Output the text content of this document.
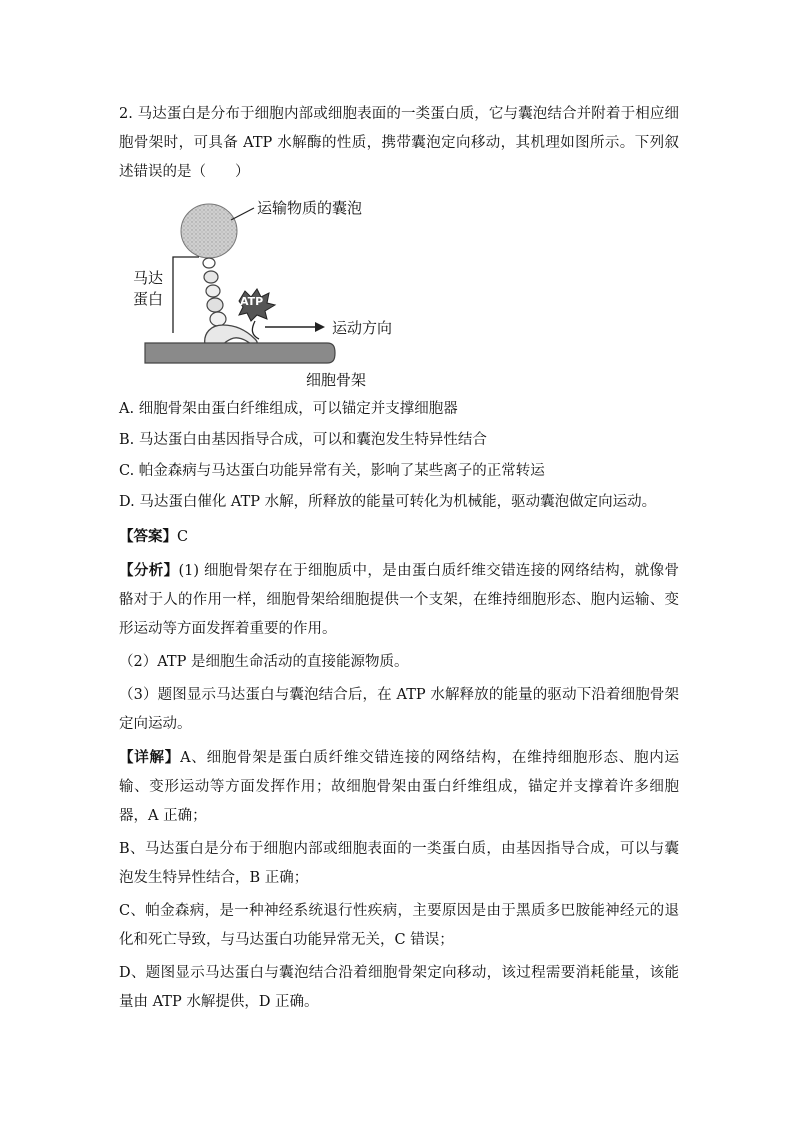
2. 马达蛋白是分布于细胞内部或细胞表面的一类蛋白质，它与囊泡结合并附着于相应细胞骨架时，可具备 ATP 水解酶的性质，携带囊泡定向移动，其机理如图所示。下列叙述错误的是（　　）

运输物质的囊泡
马达
蛋白	ATP
运动方向
细胞骨架

A. 细胞骨架由蛋白纤维组成，可以锚定并支撑细胞器

B. 马达蛋白由基因指导合成，可以和囊泡发生特异性结合

C. 帕金森病与马达蛋白功能异常有关，影响了某些离子的正常转运

D. 马达蛋白催化 ATP 水解，所释放的能量可转化为机械能，驱动囊泡做定向运动。

【答案】C

【分析】(1) 细胞骨架存在于细胞质中，是由蛋白质纤维交错连接的网络结构，就像骨骼对于人的作用一样，细胞骨架给细胞提供一个支架，在维持细胞形态、胞内运输、变形运动等方面发挥着重要的作用。

（2）ATP 是细胞生命活动的直接能源物质。

（3）题图显示马达蛋白与囊泡结合后，在 ATP 水解释放的能量的驱动下沿着细胞骨架定向运动。

【详解】A、细胞骨架是蛋白质纤维交错连接的网络结构，在维持细胞形态、胞内运输、变形运动等方面发挥作用；故细胞骨架由蛋白纤维组成，锚定并支撑着许多细胞器，A 正确；

B、马达蛋白是分布于细胞内部或细胞表面的一类蛋白质，由基因指导合成，可以与囊泡发生特异性结合，B 正确；

C、帕金森病，是一种神经系统退行性疾病，主要原因是由于黑质多巴胺能神经元的退化和死亡导致，与马达蛋白功能异常无关，C 错误；

D、题图显示马达蛋白与囊泡结合沿着细胞骨架定向移动，该过程需要消耗能量，该能量由 ATP 水解提供，D 正确。
